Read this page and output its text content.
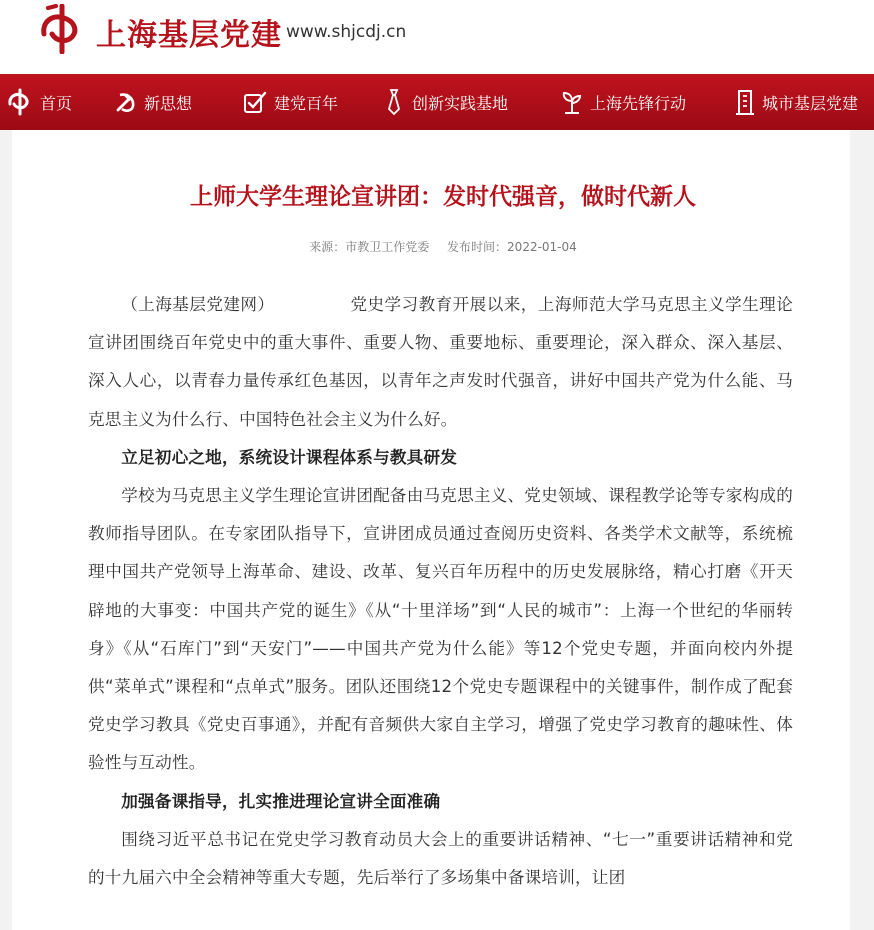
上海基层党建 www.shjcdj.cn
首页	新思想	建党百年	创新实践基地	上海先锋行动	城市基层党建
上师大学生理论宣讲团：发时代强音，做时代新人
来源：市教卫工作党委 发布时间：2022-01-04

（上海基层党建网）	党史学习教育开展以来，上海师范大学马克思主义学生理论宣讲团围绕百年党史中的重大事件、重要人物、重要地标、重要理论，深入群众、深入基层、深入人心，以青春力量传承红色基因，以青年之声发时代强音，讲好中国共产党为什么能、马克思主义为什么行、中国特色社会主义为什么好。

立足初心之地，系统设计课程体系与教具研发

学校为马克思主义学生理论宣讲团配备由马克思主义、党史领域、课程教学论等专家构成的教师指导团队。在专家团队指导下，宣讲团成员通过查阅历史资料、各类学术文献等，系统梳理中国共产党领导上海革命、建设、改革、复兴百年历程中的历史发展脉络，精心打磨《开天辟地的大事变：中国共产党的诞生》《从“十里洋场”到“人民的城市”：上海一个世纪的华丽转身》《从“石库门”到“天安门”——中国共产党为什么能》等12个党史专题，并面向校内外提供“菜单式”课程和“点单式”服务。团队还围绕12个党史专题课程中的关键事件，制作成了配套党史学习教具《党史百事通》，并配有音频供大家自主学习，增强了党史学习教育的趣味性、体验性与互动性。

加强备课指导，扎实推进理论宣讲全面准确

围绕习近平总书记在党史学习教育动员大会上的重要讲话精神、“七一”重要讲话精神和党的十九届六中全会精神等重大专题，先后举行了多场集中备课培训，让团
